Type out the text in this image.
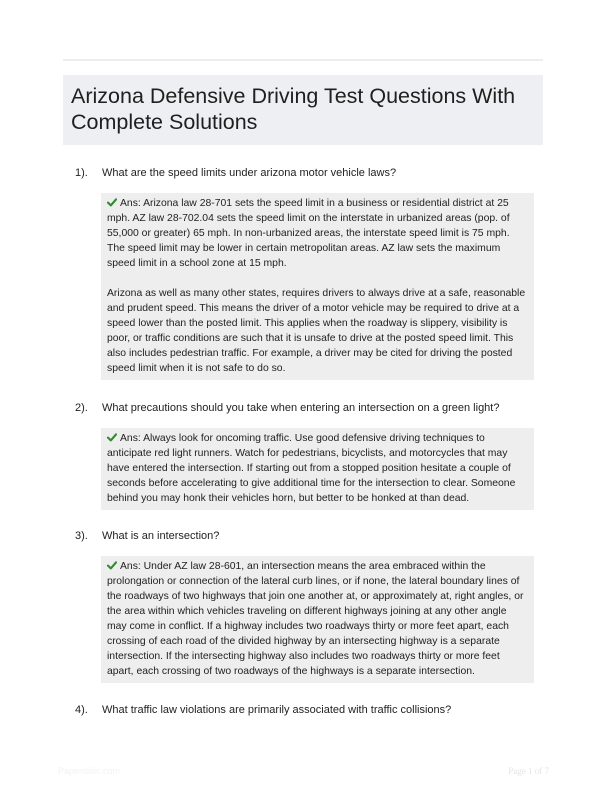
Arizona Defensive Driving Test Questions With
Complete Solutions
1). What are the speed limits under arizona motor vehicle laws?

Ans: Arizona law 28-701 sets the speed limit in a business or residential district at 25 mph. AZ law 28-702.04 sets the speed limit on the interstate in urbanized areas (pop. of 55,000 or greater) 65 mph. In non-urbanized areas, the interstate speed limit is 75 mph. The speed limit may be lower in certain metropolitan areas. AZ law sets the maximum speed limit in a school zone at 15 mph.

Arizona as well as many other states, requires drivers to always drive at a safe, reasonable and prudent speed. This means the driver of a motor vehicle may be required to drive at a speed lower than the posted limit. This applies when the roadway is slippery, visibility is poor, or traffic conditions are such that it is unsafe to drive at the posted speed limit. This also includes pedestrian traffic. For example, a driver may be cited for driving the posted speed limit when it is not safe to do so.

2). What precautions should you take when entering an intersection on a green light?

Ans: Always look for oncoming traffic. Use good defensive driving techniques to anticipate red light runners. Watch for pedestrians, bicyclists, and motorcycles that may have entered the intersection. If starting out from a stopped position hesitate a couple of seconds before accelerating to give additional time for the intersection to clear. Someone behind you may honk their vehicles horn, but better to be honked at than dead.

3). What is an intersection?

Ans: Under AZ law 28-601, an intersection means the area embraced within the prolongation or connection of the lateral curb lines, or if none, the lateral boundary lines of the roadways of two highways that join one another at, or approximately at, right angles, or the area within which vehicles traveling on different highways joining at any other angle may come in conflict. If a highway includes two roadways thirty or more feet apart, each crossing of each road of the divided highway by an intersecting highway is a separate intersection. If the intersecting highway also includes two roadways thirty or more feet apart, each crossing of two roadways of the highways is a separate intersection.

4). What traffic law violations are primarily associated with traffic collisions?
Paperdibic.com	Page 1 of 7
